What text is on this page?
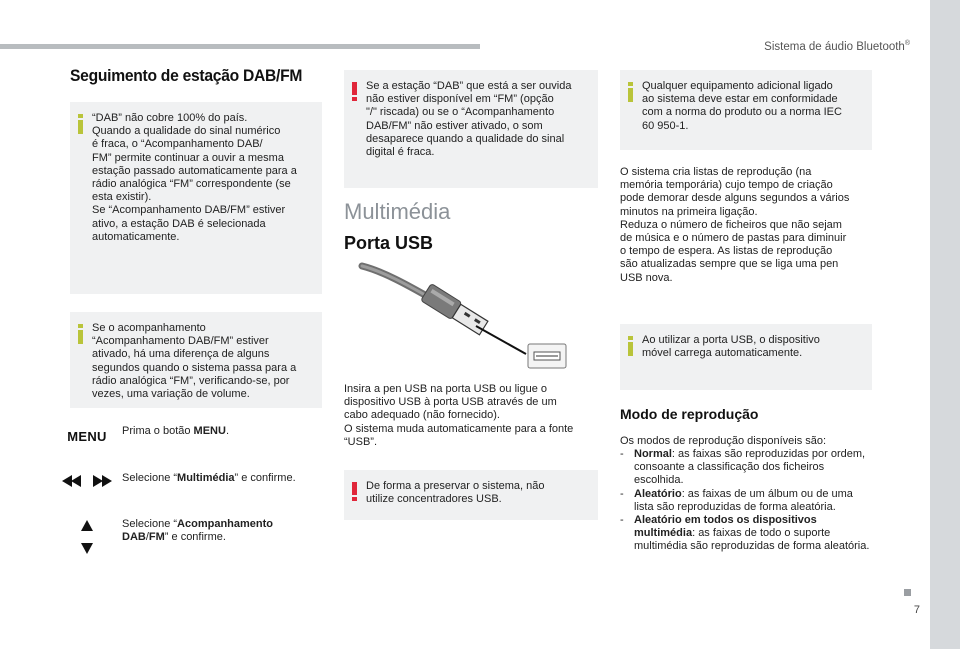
Sistema de áudio Bluetooth®
Seguimento de estação DAB/FM
“DAB” não cobre 100% do país.
Quando a qualidade do sinal numérico
é fraca, o “Acompanhamento DAB/
FM” permite continuar a ouvir a mesma
estação passado automaticamente para a
rádio analógica “FM” correspondente (se
esta existir).
Se “Acompanhamento DAB/FM” estiver
ativo, a estação DAB é selecionada
automaticamente.
Se o acompanhamento
“Acompanhamento DAB/FM” estiver
ativado, há uma diferença de alguns
segundos quando o sistema passa para a
rádio analógica “FM”, verificando-se, por
vezes, uma variação de volume.
MENU	Prima o botão MENU.
Selecione “Multimédia” e confirme.
Selecione “Acompanhamento DAB/FM” e confirme.
Se a estação “DAB” que está a ser ouvida
não estiver disponível em “FM” (opção
"/" riscada) ou se o “Acompanhamento
DAB/FM” não estiver ativado, o som
desaparece quando a qualidade do sinal
digital é fraca.
Multimédia
Porta USB
Insira a pen USB na porta USB ou ligue o
dispositivo USB à porta USB através de um
cabo adequado (não fornecido).
O sistema muda automaticamente para a fonte
“USB”.
De forma a preservar o sistema, não
utilize concentradores USB.
Qualquer equipamento adicional ligado
ao sistema deve estar em conformidade
com a norma do produto ou a norma IEC
60 950-1.
O sistema cria listas de reprodução (na
memória temporária) cujo tempo de criação
pode demorar desde alguns segundos a vários
minutos na primeira ligação.
Reduza o número de ficheiros que não sejam
de música e o número de pastas para diminuir
o tempo de espera. As listas de reprodução
são atualizadas sempre que se liga uma pen
USB nova.
Ao utilizar a porta USB, o dispositivo
móvel carrega automaticamente.
Modo de reprodução
Os modos de reprodução disponíveis são:
- Normal: as faixas são reproduzidas por ordem, consoante a classificação dos ficheiros escolhida.
- Aleatório: as faixas de um álbum ou de uma lista são reproduzidas de forma aleatória.
- Aleatório em todos os dispositivos multimédia: as faixas de todo o suporte multimédia são reproduzidas de forma aleatória.
7
